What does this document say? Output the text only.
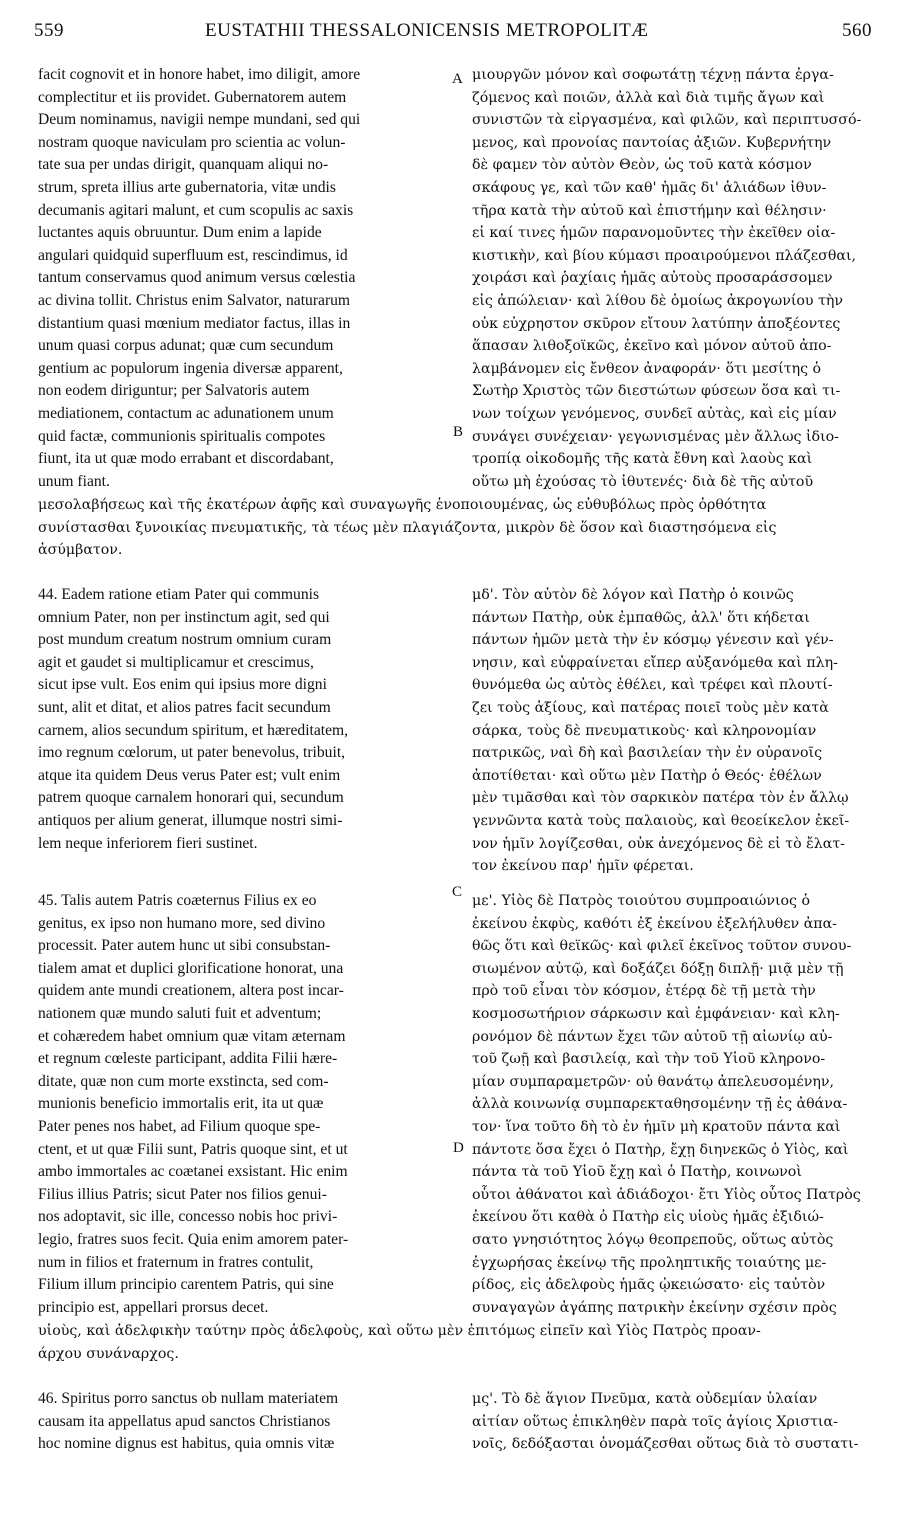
559	EUSTATHII THESSALONICENSIS METROPOLITÆ	560
A
B
C
D
facit cognovit et in honore habet, imo diligit, amore
complectitur et iis providet. Gubernatorem autem
Deum nominamus, navigii nempe mundani, sed qui
nostram quoque naviculam pro scientia ac volun-
tate sua per undas dirigit, quanquam aliqui no-
strum, spreta illius arte gubernatoria, vitæ undis
decumanis agitari malunt, et cum scopulis ac saxis
luctantes aquis obruuntur. Dum enim a lapide
angulari quidquid superfluum est, rescindimus, id
tantum conservamus quod animum versus cœlestia
ac divina tollit. Christus enim Salvator, naturarum
distantium quasi mœnium mediator factus, illas in
unum quasi corpus adunat; quæ cum secundum
gentium ac populorum ingenia diversæ apparent,
non eodem diriguntur; per Salvatoris autem
mediationem, contactum ac adunationem unum
quid factæ, communionis spiritualis compotes
fiunt, ita ut quæ modo errabant et discordabant,
unum fiant.
μιουργῶν μόνον καὶ σοφωτάτῃ τέχνῃ πάντα ἐργα-
ζόμενος καὶ ποιῶν, ἀλλὰ καὶ διὰ τιμῆς ἄγων καὶ
συνιστῶν τὰ εἰργασμένα, καὶ φιλῶν, καὶ περιπτυσσό-
μενος, καὶ προνοίας παντοίας ἀξιῶν. Κυβερνήτην
δὲ φαμεν τὸν αὐτὸν Θεὸν, ὡς τοῦ κατὰ κόσμον
σκάφους γε, καὶ τῶν καθ' ἡμᾶς δι' ἁλιάδων ἰθυν-
τῆρα κατὰ τὴν αὐτοῦ καὶ ἐπιστήμην καὶ θέλησιν·
εἰ καί τινες ἡμῶν παρανομοῦντες τὴν ἐκεῖθεν οἰα-
κιστικὴν, καὶ βίου κύμασι προαιρούμενοι πλάζεσθαι,
χοιράσι καὶ ῥαχίαις ἡμᾶς αὐτοὺς προσαράσσομεν
εἰς ἀπώλειαν· καὶ λίθου δὲ ὁμοίως ἀκρογωνίου τὴν
οὐκ εὐχρηστον σκῦρον εἴτουν λατύπην ἀποξέοντες
ἅπασαν λιθοξοϊκῶς, ἐκεῖνο καὶ μόνον αὐτοῦ ἀπο-
λαμβάνομεν εἰς ἔνθεον ἀναφοράν· ὅτι μεσίτης ὁ
Σωτὴρ Χριστὸς τῶν διεστώτων φύσεων ὅσα καὶ τι-
νων τοίχων γενόμενος, συνδεῖ αὐτὰς, καὶ εἰς μίαν
συνάγει συνέχειαν· γεγωνισμένας μὲν ἄλλως ἰδιο-
τροπίᾳ οἰκοδομῆς τῆς κατὰ ἔθνη καὶ λαοὺς καὶ
οὕτω μὴ ἐχούσας τὸ ἰθυτενές· διὰ δὲ τῆς αὐτοῦ
μεσολαβήσεως καὶ τῆς ἑκατέρων ἀφῆς καὶ συναγωγῆς ἑνοποιουμένας, ὡς εὐθυβόλως πρὸς ὀρθότητα
συνίστασθαι ξυνοικίας πνευματικῆς, τὰ τέως μὲν πλαγιάζοντα, μικρὸν δὲ ὅσον καὶ διαστησόμενα εἰς
ἀσύμβατον.
44. Eadem ratione etiam Pater qui communis
omnium Pater, non per instinctum agit, sed qui
post mundum creatum nostrum omnium curam
agit et gaudet si multiplicamur et crescimus,
sicut ipse vult. Eos enim qui ipsius more digni
sunt, alit et ditat, et alios patres facit secundum
carnem, alios secundum spiritum, et hæreditatem,
imo regnum cœlorum, ut pater benevolus, tribuit,
atque ita quidem Deus verus Pater est; vult enim
patrem quoque carnalem honorari qui, secundum
antiquos per alium generat, illumque nostri simi-
lem neque inferiorem fieri sustinet.
μδ'. Τὸν αὐτὸν δὲ λόγον καὶ Πατὴρ ὁ κοινῶς
πάντων Πατὴρ, οὐκ ἐμπαθῶς, ἀλλ' ὅτι κήδεται
πάντων ἡμῶν μετὰ τὴν ἐν κόσμῳ γένεσιν καὶ γέν-
νησιν, καὶ εὐφραίνεται εἴπερ αὐξανόμεθα καὶ πλη-
θυνόμεθα ὡς αὐτὸς ἐθέλει, καὶ τρέφει καὶ πλουτί-
ζει τοὺς ἀξίους, καὶ πατέρας ποιεῖ τοὺς μὲν κατὰ
σάρκα, τοὺς δὲ πνευματικοὺς· καὶ κληρονομίαν
πατρικῶς, ναὶ δὴ καὶ βασιλείαν τὴν ἐν οὐρανοῖς
ἀποτίθεται· καὶ οὕτω μὲν Πατὴρ ὁ Θεός· ἐθέλων
μὲν τιμᾶσθαι καὶ τὸν σαρκικὸν πατέρα τὸν ἐν ἄλλῳ
γεννῶντα κατὰ τοὺς παλαιοὺς, καὶ θεοείκελον ἐκεῖ-
νον ἡμῖν λογίζεσθαι, οὐκ ἀνεχόμενος δὲ εἰ τὸ ἔλατ-
τον ἐκείνου παρ' ἡμῖν φέρεται.
45. Talis autem Patris coæternus Filius ex eo
genitus, ex ipso non humano more, sed divino
processit. Pater autem hunc ut sibi consubstan-
tialem amat et duplici glorificatione honorat, una
quidem ante mundi creationem, altera post incar-
nationem quæ mundo saluti fuit et adventum;
et cohæredem habet omnium quæ vitam æternam
et regnum cœleste participant, addita Filii hære-
ditate, quæ non cum morte exstincta, sed com-
munionis beneficio immortalis erit, ita ut quæ
Pater penes nos habet, ad Filium quoque spe-
ctent, et ut quæ Filii sunt, Patris quoque sint, et ut
ambo immortales ac coætanei exsistant. Hic enim
Filius illius Patris; sicut Pater nos filios genui-
nos adoptavit, sic ille, concesso nobis hoc privi-
legio, fratres suos fecit. Quia enim amorem pater-
num in filios et fraternum in fratres contulit,
Filium illum principio carentem Patris, qui sine
principio est, appellari prorsus decet.
με'. Υἱὸς δὲ Πατρὸς τοιούτου συμπροαιώνιος ὁ
ἐκείνου ἐκφὺς, καθότι ἐξ ἐκείνου ἐξελήλυθεν ἀπα-
θῶς ὅτι καὶ θεϊκῶς· καὶ φιλεῖ ἐκεῖνος τοῦτον συνου-
σιωμένον αὐτῷ, καὶ δοξάζει δόξῃ διπλῇ· μιᾷ μὲν τῇ
πρὸ τοῦ εἶναι τὸν κόσμον, ἑτέρᾳ δὲ τῇ μετὰ τὴν
κοσμοσωτήριον σάρκωσιν καὶ ἐμφάνειαν· καὶ κλη-
ρονόμον δὲ πάντων ἔχει τῶν αὐτοῦ τῇ αἰωνίῳ αὐ-
τοῦ ζωῇ καὶ βασιλείᾳ, καὶ τὴν τοῦ Υἱοῦ κληρονο-
μίαν συμπαραμετρῶν· οὐ θανάτῳ ἀπελευσομένην,
ἀλλὰ κοινωνίᾳ συμπαρεκταθησομένην τῇ ἐς ἀθάνα-
τον· ἵνα τοῦτο δὴ τὸ ἐν ἡμῖν μὴ κρατοῦν πάντα καὶ
πάντοτε ὅσα ἔχει ὁ Πατὴρ, ἔχῃ διηνεκῶς ὁ Υἱὸς, καὶ
πάντα τὰ τοῦ Υἱοῦ ἔχῃ καὶ ὁ Πατὴρ, κοινωνοὶ
οὗτοι ἀθάνατοι καὶ ἀδιάδοχοι· ἔτι Υἱὸς οὗτος Πατρὸς
ἐκείνου ὅτι καθὰ ὁ Πατὴρ εἰς υἱοὺς ἡμᾶς ἐξιδιώ-
σατο γνησιότητος λόγῳ θεοπρεποῦς, οὕτως αὐτὸς
ἐγχωρήσας ἐκείνῳ τῆς προληπτικῆς τοιαύτης με-
ρίδος, εἰς ἀδελφοὺς ἡμᾶς ᾠκειώσατο· εἰς ταὐτὸν
συναγαγὼν ἀγάπης πατρικὴν ἐκείνην σχέσιν πρὸς
υἱοὺς, καὶ ἀδελφικὴν ταύτην πρὸς ἀδελφοὺς, καὶ οὕτω μὲν ἐπιτόμως εἰπεῖν καὶ Υἱὸς Πατρὸς προαν-
άρχου συνάναρχος.
46. Spiritus porro sanctus ob nullam materiatem
causam ita appellatus apud sanctos Christianos
hoc nomine dignus est habitus, quia omnis vitæ
μς'. Τὸ δὲ ἅγιον Πνεῦμα, κατὰ οὐδεμίαν ὑλαίαν
αἰτίαν οὕτως ἐπικληθὲν παρὰ τοῖς ἁγίοις Χριστια-
νοῖς, δεδόξασται ὀνομάζεσθαι οὕτως διὰ τὸ συστατι-
